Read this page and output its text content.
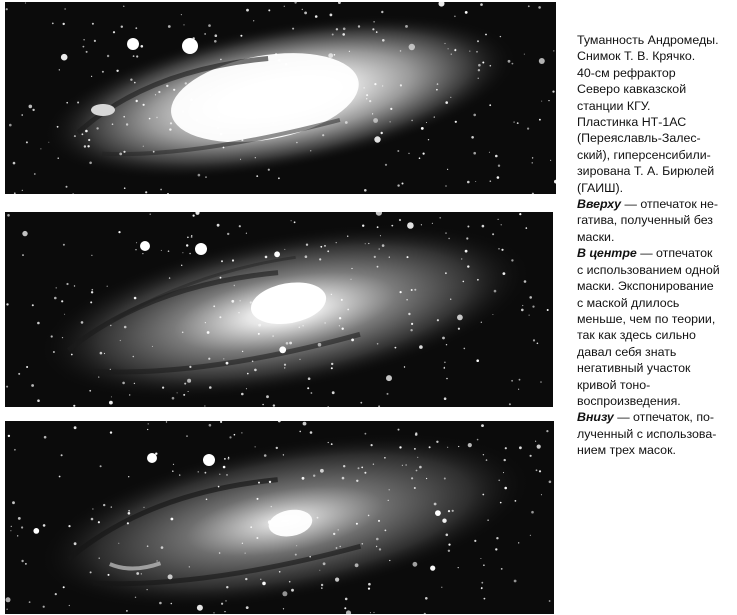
Туманность Андромеды.
Снимок Т. В. Крячко.
40-см рефрактор
Северо кавказской
станции КГУ.
Пластинка НТ-1АС
(Переяславль-Залес-
ский), гиперсенсибили-
зирована Т. А. Бирюлей
(ГАИШ).

Вверху — отпечаток не-
гатива, полученный без
маски.

В центре — отпечаток
с использованием одной
маски. Экспонирование
с маской длилось
меньше, чем по теории,
так как здесь сильно
давал себя знать
негативный участок
кривой тоно-
воспроизведения.

Внизу — отпечаток, по-
лученный с использова-
нием трех масок.
